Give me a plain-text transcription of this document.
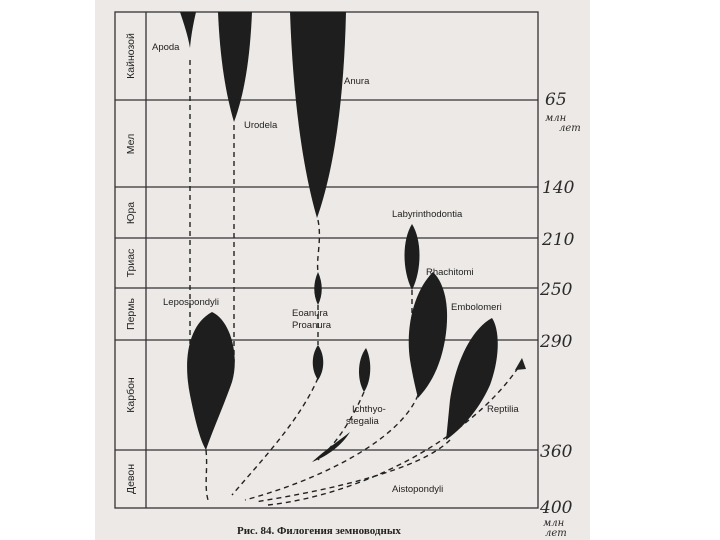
Кайнозой
Мел
Юра
Триас
Пермь
Карбон
Девон
Apoda
Anura
Urodela
Labyrinthodontia
Rhachitomi
Lepospondyli
Eoanura
Proanura
Embolomeri
Ichthyo-
stegalia
Reptilia
Aistopondyli
65
млн
лет
140
210
250
290
360
400
млн
лет
Рис. 84. Филогения земноводных
